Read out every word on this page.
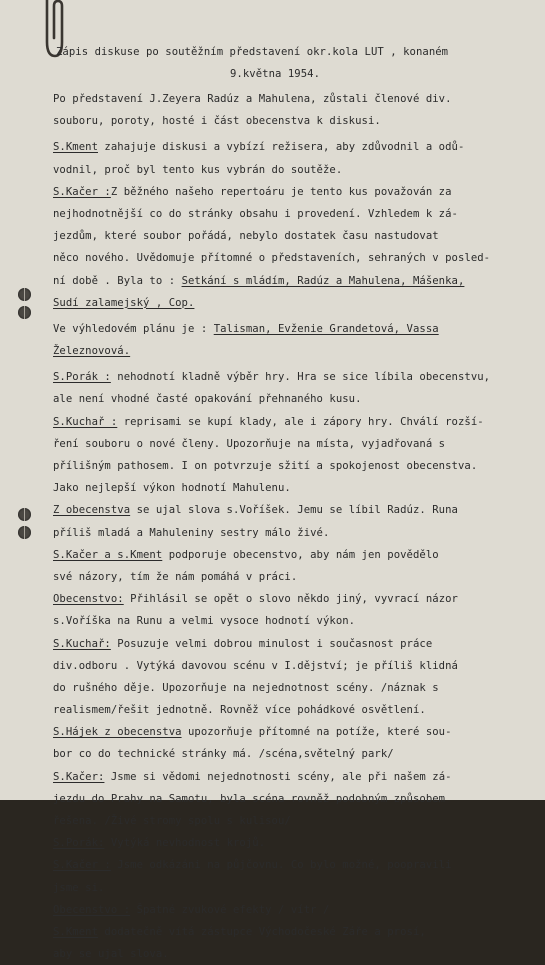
Zápis diskuse po soutěžním představení okr.kola LUT , konaném
9.května 1954.
Po představení J.Zeyera Radúz a Mahulena, zůstali členové div.
souboru, poroty, hosté i část obecenstva k diskusi.
S.Kment zahajuje diskusi a vybízí režisera, aby zdůvodnil a odů-
vodnil, proč byl tento kus vybrán do soutěže.
S.Kačer :Z běžného našeho repertoáru je tento kus považován za
nejhodnotnější co do stránky obsahu i provedení. Vzhledem k zá-
jezdům, které soubor pořádá, nebylo dostatek času nastudovat
něco nového. Uvědomuje přítomné o představeních, sehraných v posled-
ní době . Byla to : Setkání s mládím, Radúz a Mahulena, Mášenka,
Sudí zalamejský , Cop.
Ve výhledovém plánu je : Talisman, Evženie Grandetová, Vassa
Železnovová.
S.Porák : nehodnotí kladně výběr hry. Hra se sice líbila obecenstvu,
ale není vhodné časté opakování přehnaného kusu.
S.Kuchař : reprisami se kupí klady, ale i zápory hry. Chválí rozší-
ření souboru o nové členy. Upozorňuje na místa, vyjadřovaná s
přílišným pathosem. I on potvrzuje sžití a spokojenost obecenstva.
Jako nejlepší výkon hodnotí Mahulenu.
Z obecenstva se ujal slova s.Voříšek. Jemu se líbil Radúz. Runa
příliš mladá a Mahuleniny sestry málo živé.
S.Kačer a s.Kment podporuje obecenstvo, aby nám jen povědělo
své názory, tím že nám pomáhá v práci.
Obecenstvo: Přihlásil se opět o slovo někdo jiný, vyvrací názor
s.Voříška na Runu a velmi vysoce hodnotí výkon.
S.Kuchař: Posuzuje velmi dobrou minulost i současnost práce
div.odboru . Vytýká davovou scénu v I.dějství; je příliš klidná
do rušného děje. Upozorňuje na nejednotnost scény. /náznak s
realismem/řešit jednotně. Rovněž více pohádkové osvětlení.
S.Hájek z obecenstva upozorňuje přítomné na potíže, které sou-
bor co do technické stránky má. /scéna,světelný park/
S.Kačer: Jsme si vědomi nejednotnosti scény, ale při našem zá-
jezdu do Prahy na Samotu, byla scéna rovněž podobným způsobem
řešena. /Živé stromy spolu s kulisou/
S.Porák: Vytýká nevhodnost krojů.
S.Kačer : Jsme odkázáni na půjčovnu. Co bylo možné, poopravili
jsme si.
Obecenstvo : Špatné zvukové efekty / vítr /
S.Kment dodatečně vítá zástupce Východočeské Záře a prosí,
aby se ujal slova.
